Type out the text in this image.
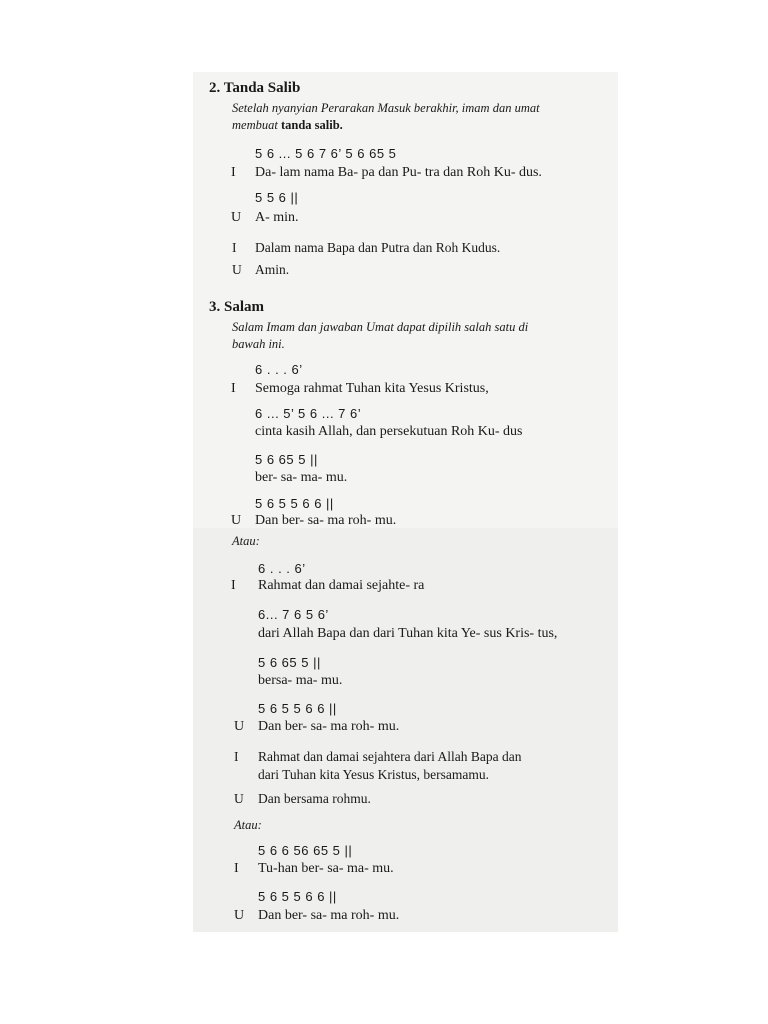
2. Tanda Salib
Setelah nyanyian Perarakan Masuk berakhir, imam dan umat
membuat tanda salib.
5 6 ... 5 6 7 6’ 5 6 65 5
I Da- lam nama Ba- pa dan Pu- tra dan Roh Ku- dus.
5 5 6 ||
U A- min.
I Dalam nama Bapa dan Putra dan Roh Kudus.
U Amin.
3. Salam
Salam Imam dan jawaban Umat dapat dipilih salah satu di
bawah ini.
6 . . . 6’
I Semoga rahmat Tuhan kita Yesus Kristus,
6 ... 5’ 5 6 ... 7 6’
cinta kasih Allah, dan persekutuan Roh Ku- dus
5 6 65 5 ||
ber- sa- ma- mu.
5 6 5 5 6 6 ||
U Dan ber- sa- ma roh- mu.
Atau:
6 . . . 6’
I Rahmat dan damai sejahte- ra
6... 7 6 5 6’
dari Allah Bapa dan dari Tuhan kita Ye- sus Kris- tus,
5 6 65 5 ||
bersa- ma- mu.
5 6 5 5 6 6 ||
U Dan ber- sa- ma roh- mu.
I Rahmat dan damai sejahtera dari Allah Bapa dan
dari Tuhan kita Yesus Kristus, bersamamu.
U Dan bersama rohmu.
Atau:
5 6 6 56 65 5 ||
I Tu-han ber- sa- ma- mu.
5 6 5 5 6 6 ||
U Dan ber- sa- ma roh- mu.
